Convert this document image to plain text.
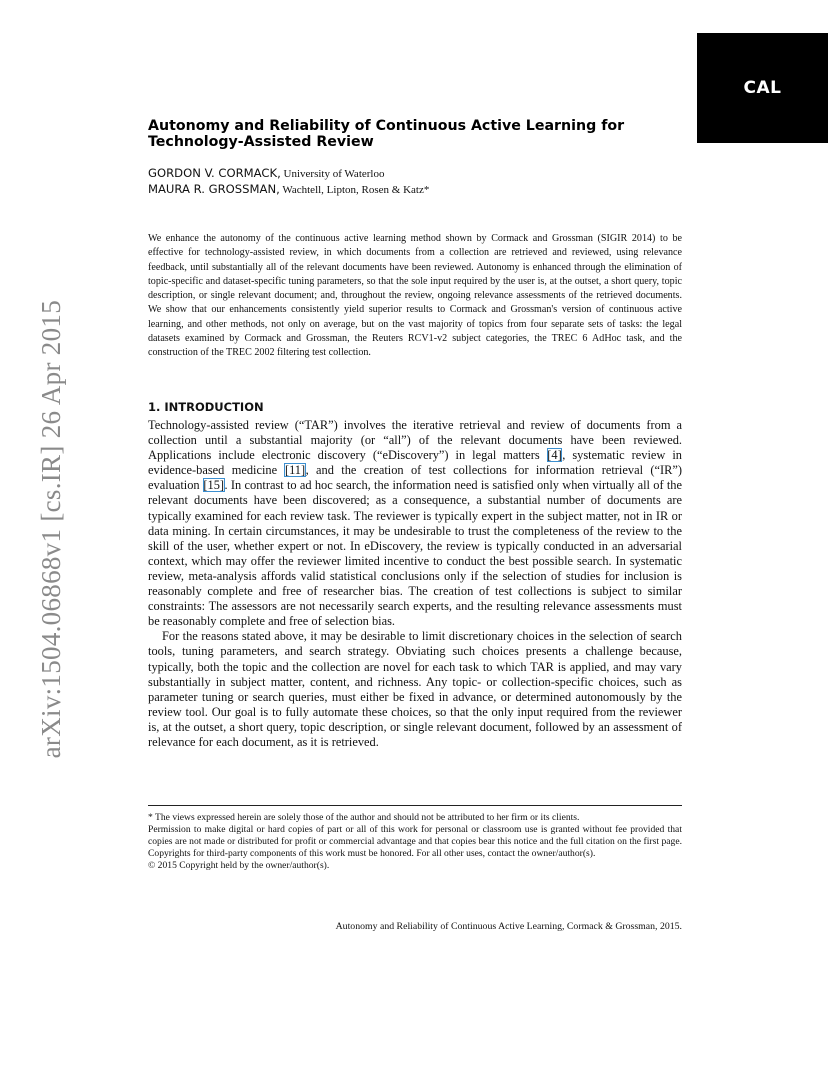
CAL
arXiv:1504.06868v1 [cs.IR] 26 Apr 2015
Autonomy and Reliability of Continuous Active Learning for Technology-Assisted Review
GORDON V. CORMACK, University of Waterloo
MAURA R. GROSSMAN, Wachtell, Lipton, Rosen & Katz*

We enhance the autonomy of the continuous active learning method shown by Cormack and Grossman (SIGIR 2014) to be effective for technology-assisted review, in which documents from a collection are retrieved and reviewed, using relevance feedback, until substantially all of the relevant documents have been reviewed. Autonomy is enhanced through the elimination of topic-specific and dataset-specific tuning parameters, so that the sole input required by the user is, at the outset, a short query, topic description, or single relevant document; and, throughout the review, ongoing relevance assessments of the retrieved documents. We show that our enhancements consistently yield superior results to Cormack and Grossman's version of continuous active learning, and other methods, not only on average, but on the vast majority of topics from four separate sets of tasks: the legal datasets examined by Cormack and Grossman, the Reuters RCV1-v2 subject categories, the TREC 6 AdHoc task, and the construction of the TREC 2002 filtering test collection.

1. INTRODUCTION

Technology-assisted review (“TAR”) involves the iterative retrieval and review of documents from a collection until a substantial majority (or “all”) of the relevant documents have been reviewed. Applications include electronic discovery (“eDiscovery”) in legal matters [4], systematic review in evidence-based medicine [11], and the creation of test collections for information retrieval (“IR”) evaluation [15]. In contrast to ad hoc search, the information need is satisfied only when virtually all of the relevant documents have been discovered; as a consequence, a substantial number of documents are typically examined for each review task. The reviewer is typically expert in the subject matter, not in IR or data mining. In certain circumstances, it may be undesirable to trust the completeness of the review to the skill of the user, whether expert or not. In eDiscovery, the review is typically conducted in an adversarial context, which may offer the reviewer limited incentive to conduct the best possible search. In systematic review, meta-analysis affords valid statistical conclusions only if the selection of studies for inclusion is reasonably complete and free of researcher bias. The creation of test collections is subject to similar constraints: The assessors are not necessarily search experts, and the resulting relevance assessments must be reasonably complete and free of selection bias.

For the reasons stated above, it may be desirable to limit discretionary choices in the selection of search tools, tuning parameters, and search strategy. Obviating such choices presents a challenge because, typically, both the topic and the collection are novel for each task to which TAR is applied, and may vary substantially in subject matter, content, and richness. Any topic- or collection-specific choices, such as parameter tuning or search queries, must either be fixed in advance, or determined autonomously by the review tool. Our goal is to fully automate these choices, so that the only input required from the reviewer is, at the outset, a short query, topic description, or single relevant document, followed by an assessment of relevance for each document, as it is retrieved.

* The views expressed herein are solely those of the author and should not be attributed to her firm or its clients.

Permission to make digital or hard copies of part or all of this work for personal or classroom use is granted without fee provided that copies are not made or distributed for profit or commercial advantage and that copies bear this notice and the full citation on the first page. Copyrights for third-party components of this work must be honored. For all other uses, contact the owner/author(s).

© 2015 Copyright held by the owner/author(s).

Autonomy and Reliability of Continuous Active Learning, Cormack & Grossman, 2015.
